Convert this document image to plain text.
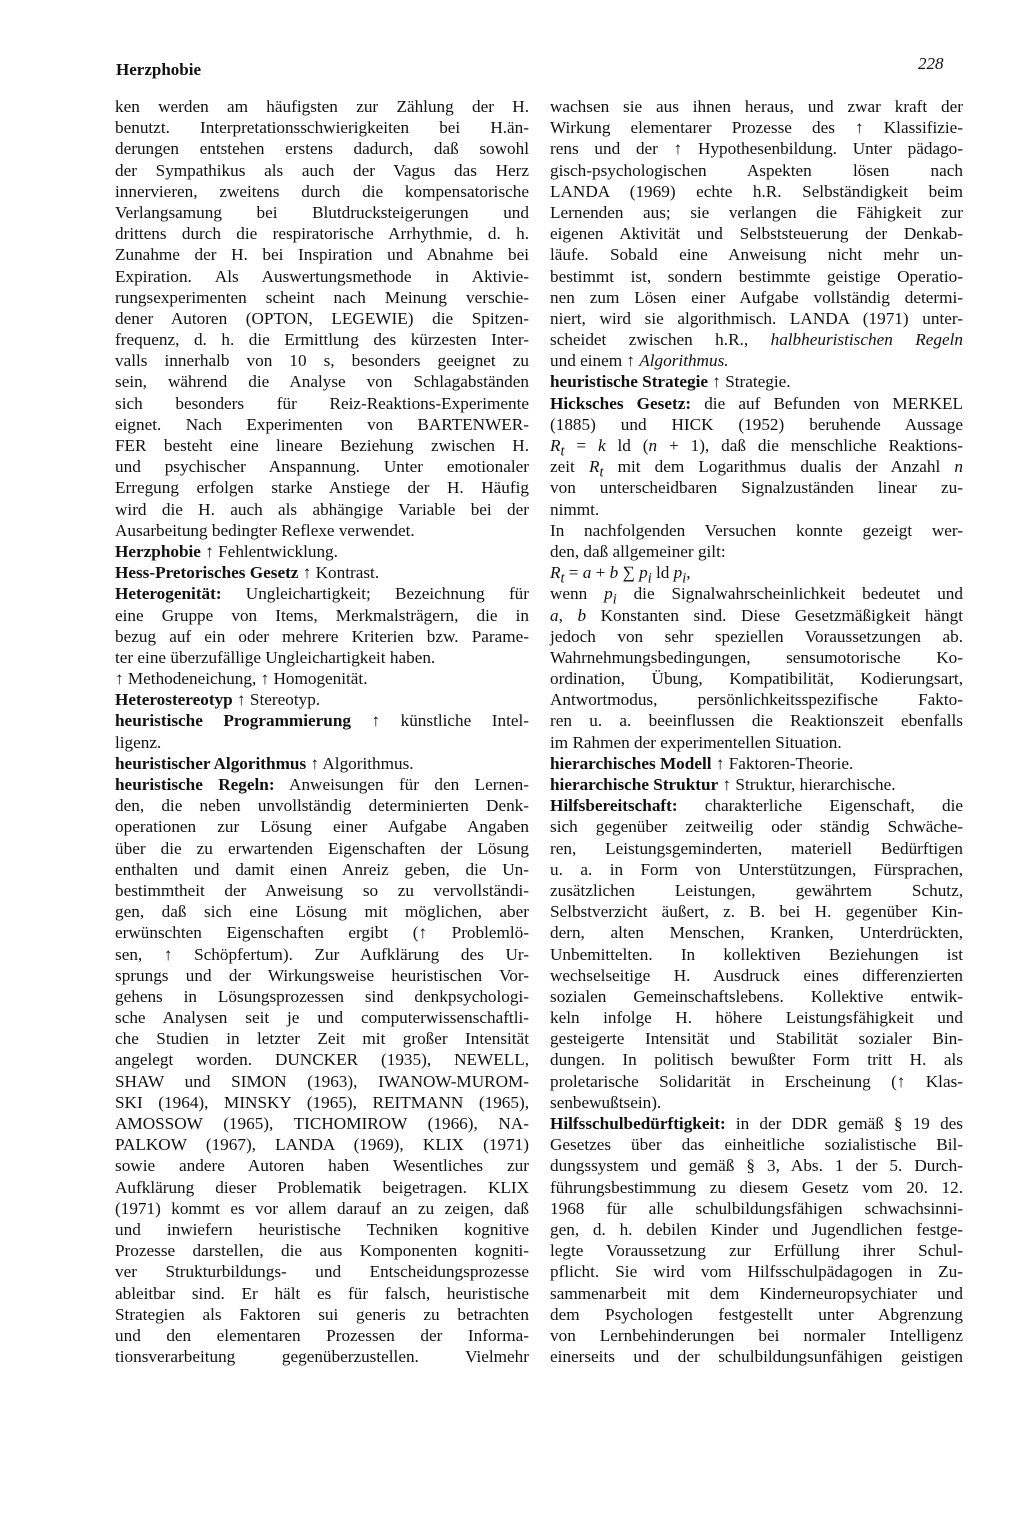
Herzphobie	228
ken werden am häufigsten zur Zählung der H.
benutzt. Interpretationsschwierigkeiten bei H.än-
derungen entstehen erstens dadurch, daß sowohl
der Sympathikus als auch der Vagus das Herz
innervieren, zweitens durch die kompensatorische
Verlangsamung bei Blutdrucksteigerungen und
drittens durch die respiratorische Arrhythmie, d. h.
Zunahme der H. bei Inspiration und Abnahme bei
Expiration. Als Auswertungsmethode in Aktivie-
rungsexperimenten scheint nach Meinung verschie-
dener Autoren (OPTON, LEGEWIE) die Spitzen-
frequenz, d. h. die Ermittlung des kürzesten Inter-
valls innerhalb von 10 s, besonders geeignet zu
sein, während die Analyse von Schlagabständen
sich besonders für Reiz-Reaktions-Experimente
eignet. Nach Experimenten von BARTENWER-
FER besteht eine lineare Beziehung zwischen H.
und psychischer Anspannung. Unter emotionaler
Erregung erfolgen starke Anstiege der H. Häufig
wird die H. auch als abhängige Variable bei der
Ausarbeitung bedingter Reflexe verwendet.
Herzphobie ↑ Fehlentwicklung.
Hess-Pretorisches Gesetz ↑ Kontrast.
Heterogenität: Ungleichartigkeit; Bezeichnung für
eine Gruppe von Items, Merkmalsträgern, die in
bezug auf ein oder mehrere Kriterien bzw. Parame-
ter eine überzufällige Ungleichartigkeit haben.
↑ Methodeneichung, ↑ Homogenität.
Heterostereotyp ↑ Stereotyp.
heuristische Programmierung ↑ künstliche Intel-
ligenz.
heuristischer Algorithmus ↑ Algorithmus.
heuristische Regeln: Anweisungen für den Lernen-
den, die neben unvollständig determinierten Denk-
operationen zur Lösung einer Aufgabe Angaben
über die zu erwartenden Eigenschaften der Lösung
enthalten und damit einen Anreiz geben, die Un-
bestimmtheit der Anweisung so zu vervollständi-
gen, daß sich eine Lösung mit möglichen, aber
erwünschten Eigenschaften ergibt (↑ Problemlö-
sen, ↑ Schöpfertum). Zur Aufklärung des Ur-
sprungs und der Wirkungsweise heuristischen Vor-
gehens in Lösungsprozessen sind denkpsychologi-
sche Analysen seit je und computerwissenschaftli-
che Studien in letzter Zeit mit großer Intensität
angelegt worden. DUNCKER (1935), NEWELL,
SHAW und SIMON (1963), IWANOW-MUROM-
SKI (1964), MINSKY (1965), REITMANN (1965),
AMOSSOW (1965), TICHOMIROW (1966), NA-
PALKOW (1967), LANDA (1969), KLIX (1971)
sowie andere Autoren haben Wesentliches zur
Aufklärung dieser Problematik beigetragen. KLIX
(1971) kommt es vor allem darauf an zu zeigen, daß
und inwiefern heuristische Techniken kognitive
Prozesse darstellen, die aus Komponenten kogniti-
ver Strukturbildungs- und Entscheidungsprozesse
ableitbar sind. Er hält es für falsch, heuristische
Strategien als Faktoren sui generis zu betrachten
und den elementaren Prozessen der Informa-
tionsverarbeitung gegenüberzustellen. Vielmehr
wachsen sie aus ihnen heraus, und zwar kraft der
Wirkung elementarer Prozesse des ↑ Klassifizie-
rens und der ↑ Hypothesenbildung. Unter pädago-
gisch-psychologischen Aspekten lösen nach
LANDA (1969) echte h.R. Selbständigkeit beim
Lernenden aus; sie verlangen die Fähigkeit zur
eigenen Aktivität und Selbststeuerung der Denkab-
läufe. Sobald eine Anweisung nicht mehr un-
bestimmt ist, sondern bestimmte geistige Operatio-
nen zum Lösen einer Aufgabe vollständig determi-
niert, wird sie algorithmisch. LANDA (1971) unter-
scheidet zwischen h.R., halbheuristischen Regeln
und einem ↑ Algorithmus.
heuristische Strategie ↑ Strategie.
Hicksches Gesetz: die auf Befunden von MERKEL
(1885) und HICK (1952) beruhende Aussage
$R_t = k$ ld (n + 1), daß die menschliche Reaktions-
zeit $R_t$ mit dem Logarithmus dualis der Anzahl n
von unterscheidbaren Signalzuständen linear zu-
nimmt.
In nachfolgenden Versuchen konnte gezeigt wer-
den, daß allgemeiner gilt:
$R_t = a + b$ ∑ $p_i$ ld $p_i$,
wenn $p_i$ die Signalwahrscheinlichkeit bedeutet und
a, b Konstanten sind. Diese Gesetzmäßigkeit hängt
jedoch von sehr speziellen Voraussetzungen ab.
Wahrnehmungsbedingungen, sensumotorische Ko-
ordination, Übung, Kompatibilität, Kodierungsart,
Antwortmodus, persönlichkeitsspezifische Fakto-
ren u. a. beeinflussen die Reaktionszeit ebenfalls
im Rahmen der experimentellen Situation.
hierarchisches Modell ↑ Faktoren-Theorie.
hierarchische Struktur ↑ Struktur, hierarchische.
Hilfsbereitschaft: charakterliche Eigenschaft, die
sich gegenüber zeitweilig oder ständig Schwäche-
ren, Leistungsgeminderten, materiell Bedürftigen
u. a. in Form von Unterstützungen, Fürsprachen,
zusätzlichen Leistungen, gewährtem Schutz,
Selbstverzicht äußert, z. B. bei H. gegenüber Kin-
dern, alten Menschen, Kranken, Unterdrückten,
Unbemittelten. In kollektiven Beziehungen ist
wechselseitige H. Ausdruck eines differenzierten
sozialen Gemeinschaftslebens. Kollektive entwik-
keln infolge H. höhere Leistungsfähigkeit und
gesteigerte Intensität und Stabilität sozialer Bin-
dungen. In politisch bewußter Form tritt H. als
proletarische Solidarität in Erscheinung (↑ Klas-
senbewußtsein).
Hilfsschulbedürftigkeit: in der DDR gemäß § 19 des
Gesetzes über das einheitliche sozialistische Bil-
dungssystem und gemäß § 3, Abs. 1 der 5. Durch-
führungsbestimmung zu diesem Gesetz vom 20. 12.
1968 für alle schulbildungsfähigen schwachsinni-
gen, d. h. debilen Kinder und Jugendlichen festge-
legte Voraussetzung zur Erfüllung ihrer Schul-
pflicht. Sie wird vom Hilfsschulpädagogen in Zu-
sammenarbeit mit dem Kinderneuropsychiater und
dem Psychologen festgestellt unter Abgrenzung
von Lernbehinderungen bei normaler Intelligenz
einerseits und der schulbildungsunfähigen geistigen
